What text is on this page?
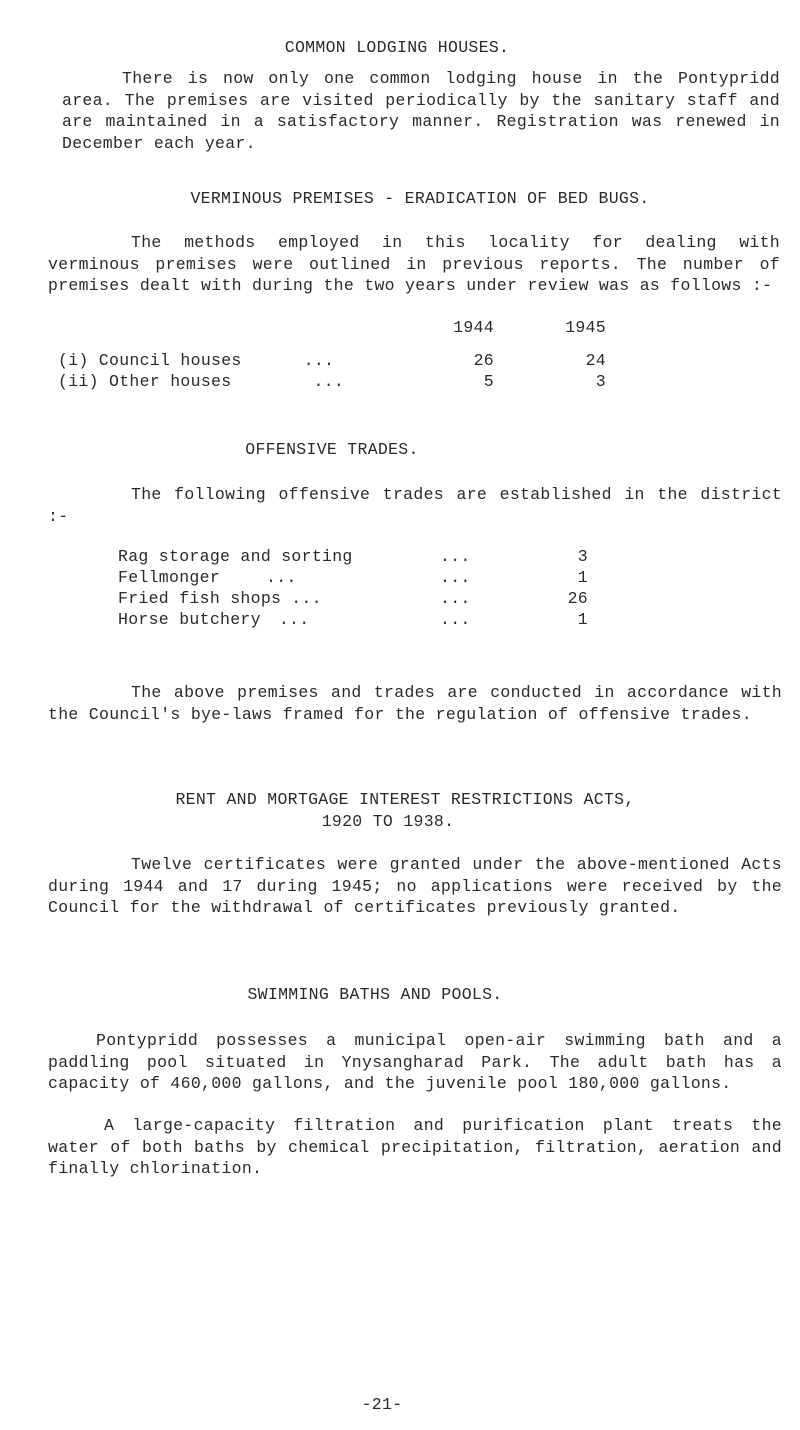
COMMON LODGING HOUSES.
There is now only one common lodging house in the Pontypridd area. The premises are visited periodically by the sanitary staff and are maintained in a satisfactory manner. Registration was renewed in December each year.
VERMINOUS PREMISES - ERADICATION OF BED BUGS.
The methods employed in this locality for dealing with verminous premises were outlined in previous reports. The number of premises dealt with during the two years under review was as follows :-
	1944		1945

(i) Council houses ...	26		24
(ii) Other houses ...	5		3
OFFENSIVE TRADES.
The following offensive trades are established in the district :-
Rag storage and sorting		...	3
Fellmonger ...		...	1
Fried fish shops ...		...	26
Horse butchery ...		...	1
The above premises and trades are conducted in accordance with the Council's bye-laws framed for the regulation of offensive trades.
RENT AND MORTGAGE INTEREST RESTRICTIONS ACTS,
1920 TO 1938.
Twelve certificates were granted under the above-mentioned Acts during 1944 and 17 during 1945; no applications were received by the Council for the withdrawal of certificates previously granted.
SWIMMING BATHS AND POOLS.
Pontypridd possesses a municipal open-air swimming bath and a paddling pool situated in Ynysangharad Park. The adult bath has a capacity of 460,000 gallons, and the juvenile pool 180,000 gallons.
A large-capacity filtration and purification plant treats the water of both baths by chemical precipitation, filtration, aeration and finally chlorination.
-21-
